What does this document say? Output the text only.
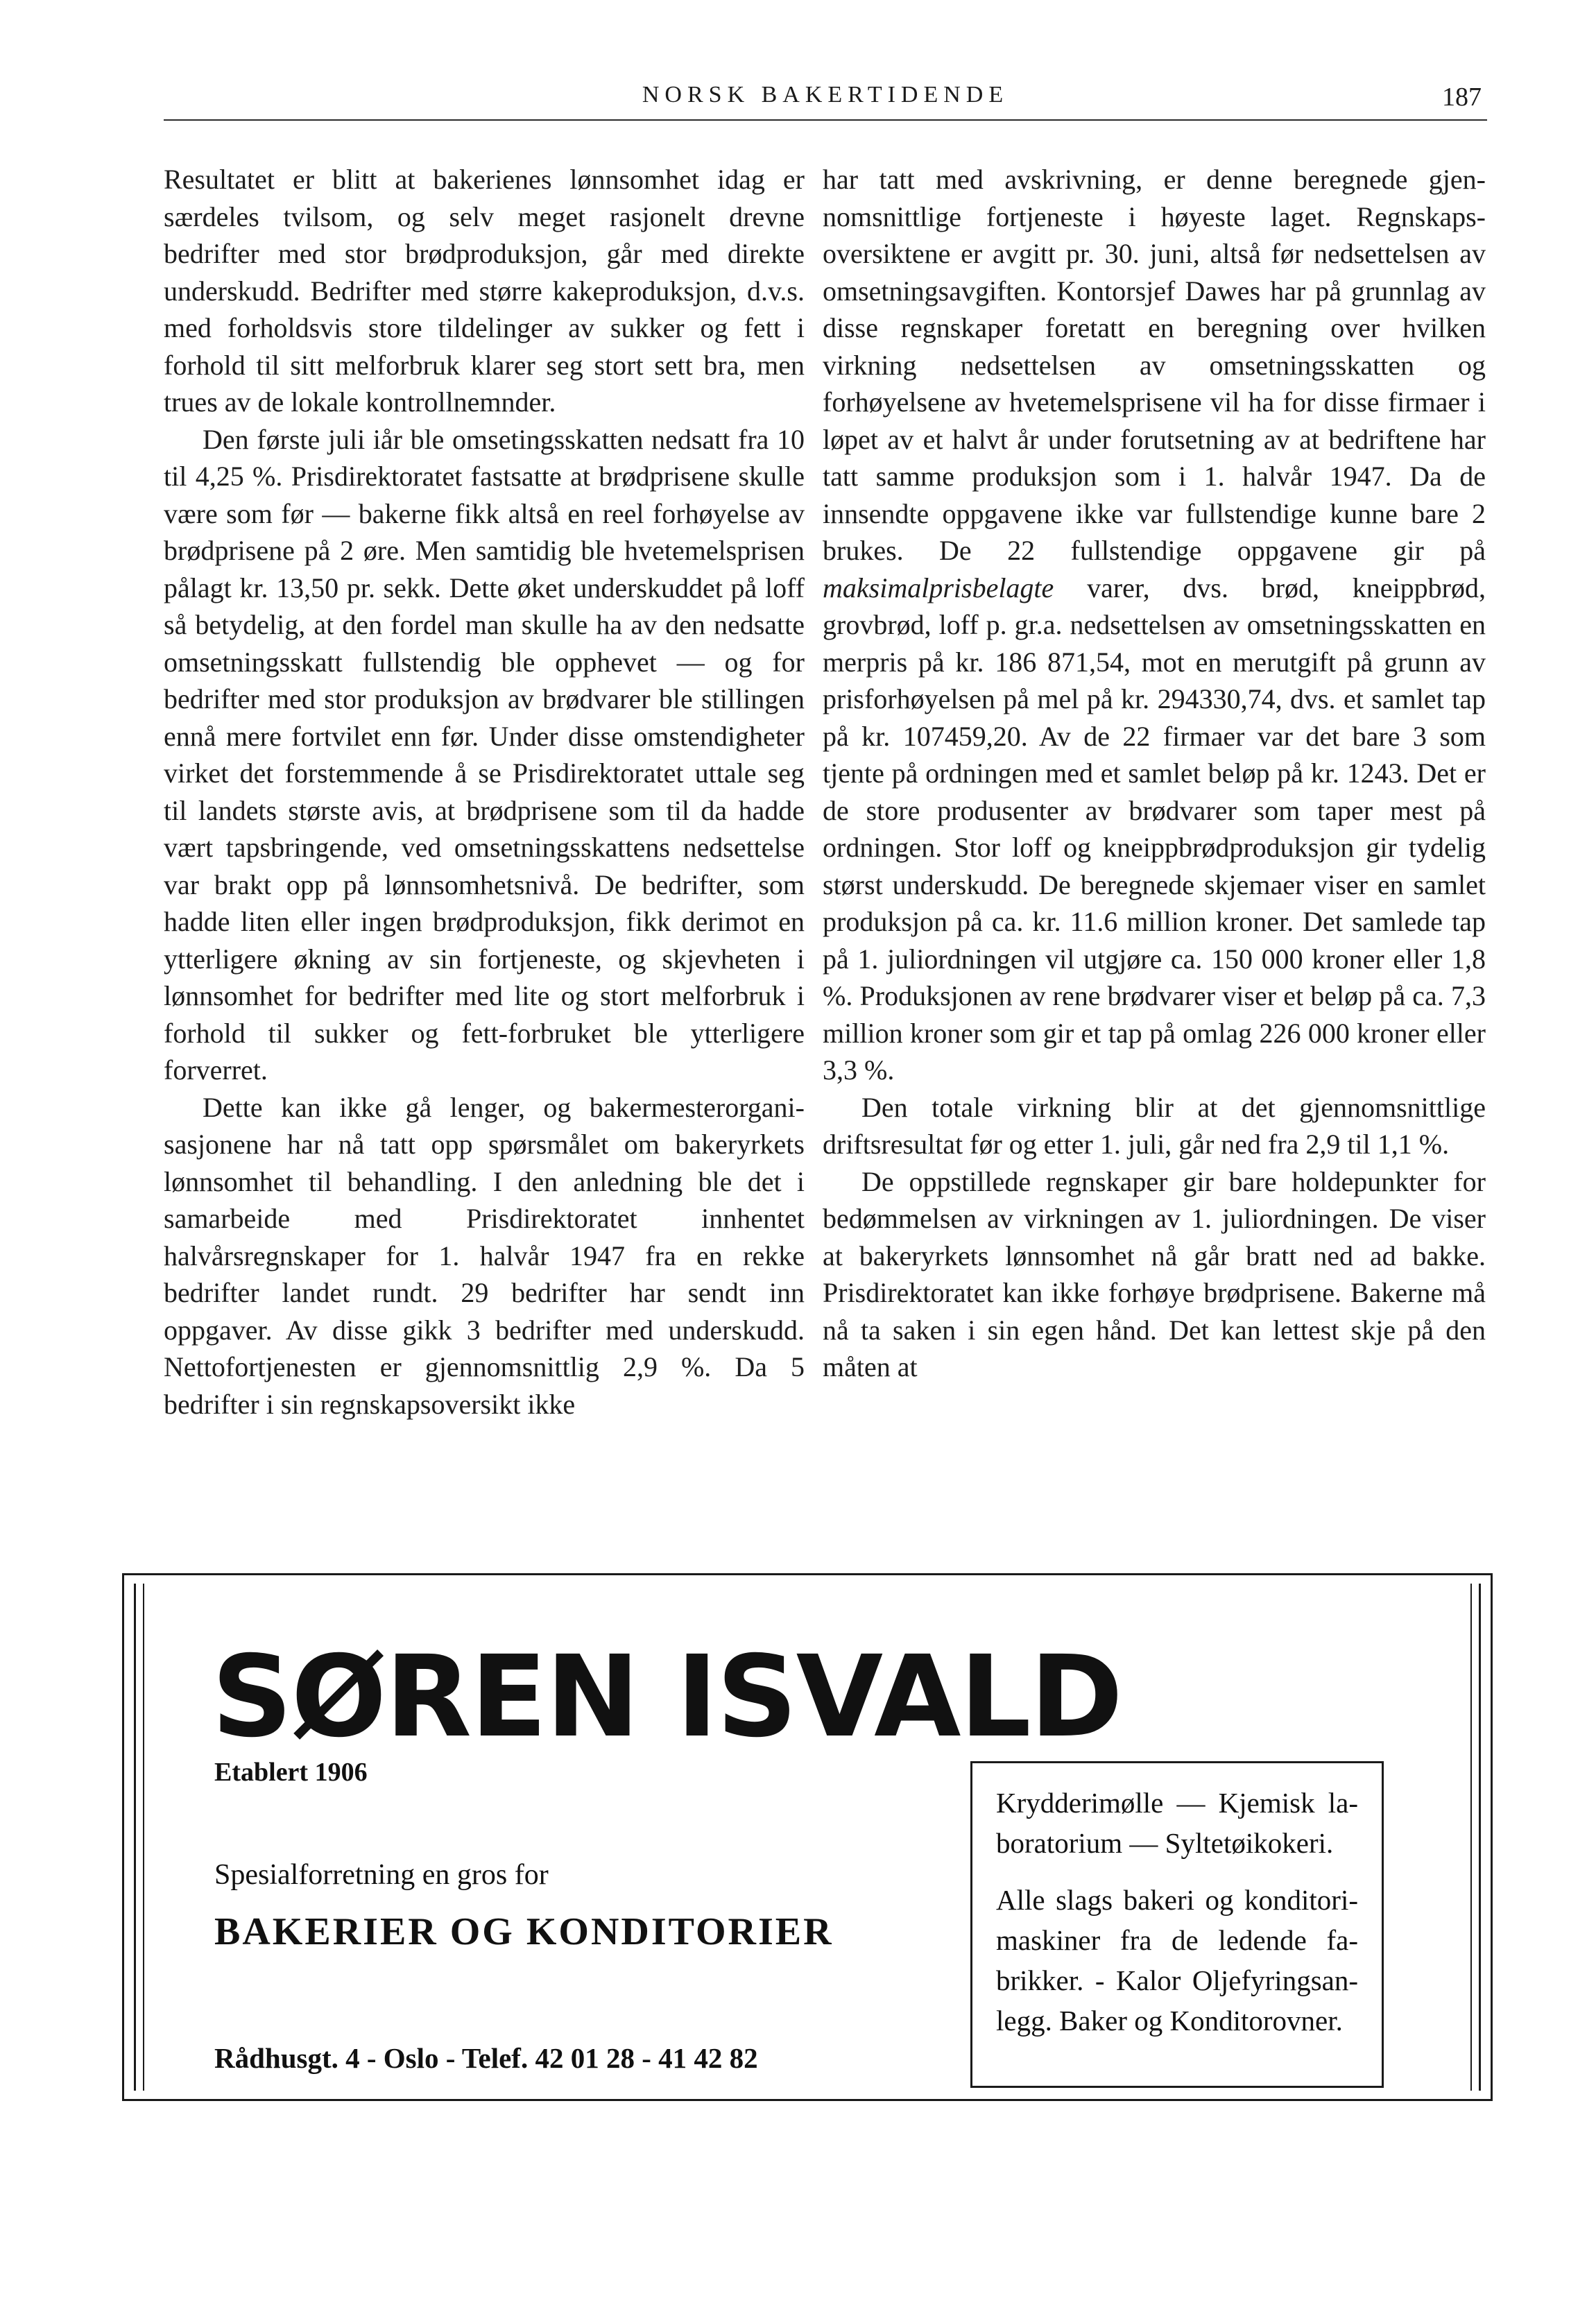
NORSK BAKERTIDENDE	187

Resultatet er blitt at bakerienes lønnsomhet idag er særdeles tvilsom, og selv meget rasjonelt drevne bedrifter med stor brødproduksjon, går med direkte underskudd. Bedrifter med større kakeproduksjon, d.v.s. med forholdsvis store tildelinger av sukker og fett i forhold til sitt melforbruk klarer seg stort sett bra, men trues av de lokale kontrollnemnder.

Den første juli iår ble omsetingsskatten nedsatt fra 10 til 4,25 %. Prisdirektoratet fastsatte at brødprisene skulle være som før — bakerne fikk altså en reel forhøyelse av brødprisene på 2 øre. Men samtidig ble hvetemelsprisen pålagt kr. 13,50 pr. sekk. Dette øket underskuddet på loff så betydelig, at den fordel man skulle ha av den nedsatte omsetningsskatt fullstendig ble opphevet — og for bedrifter med stor produksjon av brødvarer ble stillingen ennå mere fortvilet enn før. Under disse omstendigheter virket det forstemmende å se Prisdirektoratet uttale seg til landets største avis, at brødprisene som til da hadde vært tapsbringende, ved omsetningsskattens nedsettelse var brakt opp på lønnsomhetsnivå. De bedrifter, som hadde liten eller ingen brødproduksjon, fikk derimot en ytterligere økning av sin fortjeneste, og skjevheten i lønnsomhet for bedrifter med lite og stort melforbruk i forhold til sukker og fett-forbruket ble ytterligere forverret.

Dette kan ikke gå lenger, og bakermesterorganisasjonene har nå tatt opp spørsmålet om bakeryrkets lønnsomhet til behandling. I den anledning ble det i samarbeide med Prisdirektoratet innhentet halvårsregnskaper for 1. halvår 1947 fra en rekke bedrifter landet rundt. 29 bedrifter har sendt inn oppgaver. Av disse gikk 3 bedrifter med underskudd. Nettofortjenesten er gjennomsnittlig 2,9 %. Da 5 bedrifter i sin regnskapsoversikt ikke

har tatt med avskrivning, er denne beregnede gjennomsnittlige fortjeneste i høyeste laget. Regnskapsoversiktene er avgitt pr. 30. juni, altså før nedsettelsen av omsetningsavgiften. Kontorsjef Dawes har på grunnlag av disse regnskaper foretatt en beregning over hvilken virkning nedsettelsen av omsetningsskatten og forhøyelsene av hvetemelsprisene vil ha for disse firmaer i løpet av et halvt år under forutsetning av at bedriftene har tatt samme produksjon som i 1. halvår 1947. Da de innsendte oppgavene ikke var fullstendige kunne bare 2 brukes. De 22 fullstendige oppgavene gir på maksimalprisbelagte varer, dvs. brød, kneippbrød, grovbrød, loff p. gr.a. nedsettelsen av omsetningsskatten en merpris på kr. 186 871,54, mot en merutgift på grunn av prisforhøyelsen på mel på kr. 294330,74, dvs. et samlet tap på kr. 107459,20. Av de 22 firmaer var det bare 3 som tjente på ordningen med et samlet beløp på kr. 1243. Det er de store produsenter av brødvarer som taper mest på ordningen. Stor loff og kneippbrødproduksjon gir tydelig størst underskudd. De beregnede skjemaer viser en samlet produksjon på ca. kr. 11.6 million kroner. Det samlede tap på 1. juliordningen vil utgjøre ca. 150 000 kroner eller 1,8 %. Produksjonen av rene brødvarer viser et beløp på ca. 7,3 million kroner som gir et tap på omlag 226 000 kroner eller 3,3 %.

Den totale virkning blir at det gjennomsnittlige driftsresultat før og etter 1. juli, går ned fra 2,9 til 1,1 %.

De oppstillede regnskaper gir bare holdepunkter for bedømmelsen av virkningen av 1. juliordningen. De viser at bakeryrkets lønnsomhet nå går bratt ned ad bakke. Prisdirektoratet kan ikke forhøye brødprisene. Bakerne må nå ta saken i sin egen hånd. Det kan lettest skje på den måten at

SØREN ISVALD
Etablert 1906
Spesialforretning en gros for
BAKERIER OG KONDITORIER
Rådhusgt. 4 - Oslo - Telef. 42 01 28 - 41 42 82

Krydderimølle — Kjemisk laboratorium — Syltetøikokeri.

Alle slags bakeri og konditorimaskiner fra de ledende fabrikker. - Kalor Oljefyringsanlegg. Baker og Konditorovner.
